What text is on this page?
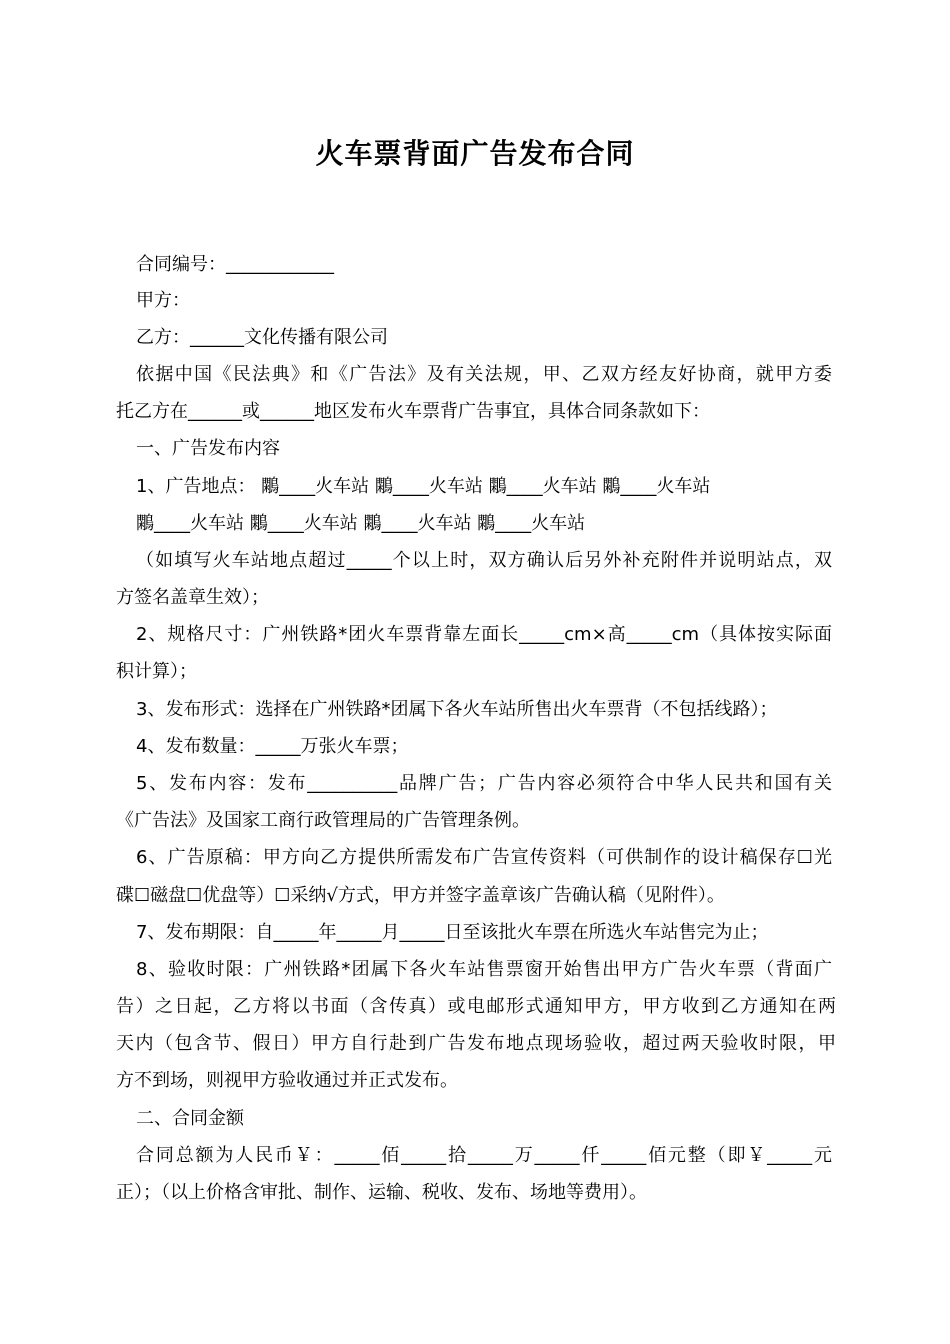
火车票背面广告发布合同
合同编号：____________
甲方：
乙方：______文化传播有限公司
依据中国《民法典》和《广告法》及有关法规，甲、乙双方经友好协商，就甲方委
托乙方在______或______地区发布火车票背广告事宜，具体合同条款如下：
一、广告发布内容
1、广告地点： 鷴____火车站 鷴____火车站 鷴____火车站 鷴____火车站
鷴____火车站 鷴____火车站 鷴____火车站 鷴____火车站
（如填写火车站地点超过_____个以上时，双方确认后另外补充附件并说明站点，双
方签名盖章生效）；
2、规格尺寸：广州铁路*团火车票背靠左面长_____cm×高_____cm（具体按实际面
积计算）；
3、发布形式：选择在广州铁路*团属下各火车站所售出火车票背（不包括线路）；
4、发布数量：_____万张火车票；
5、发布内容：发布__________品牌广告；广告内容必须符合中华人民共和国有关
《广告法》及国家工商行政管理局的广告管理条例。
6、广告原稿：甲方向乙方提供所需发布广告宣传资料（可供制作的设计稿保存☐光
碟☐磁盘☐优盘等）☐采纳√方式，甲方并签字盖章该广告确认稿（见附件）。
7、发布期限：自_____年_____月_____日至该批火车票在所选火车站售完为止；
8、验收时限：广州铁路*团属下各火车站售票窗开始售出甲方广告火车票（背面广
告）之日起，乙方将以书面（含传真）或电邮形式通知甲方，甲方收到乙方通知在两
天内（包含节、假日）甲方自行赴到广告发布地点现场验收，超过两天验收时限，甲
方不到场，则视甲方验收通过并正式发布。
二、合同金额
合同总额为人民币￥：_____佰_____拾_____万_____仟_____佰元整（即￥_____元
正）；（以上价格含审批、制作、运输、税收、发布、场地等费用）。
